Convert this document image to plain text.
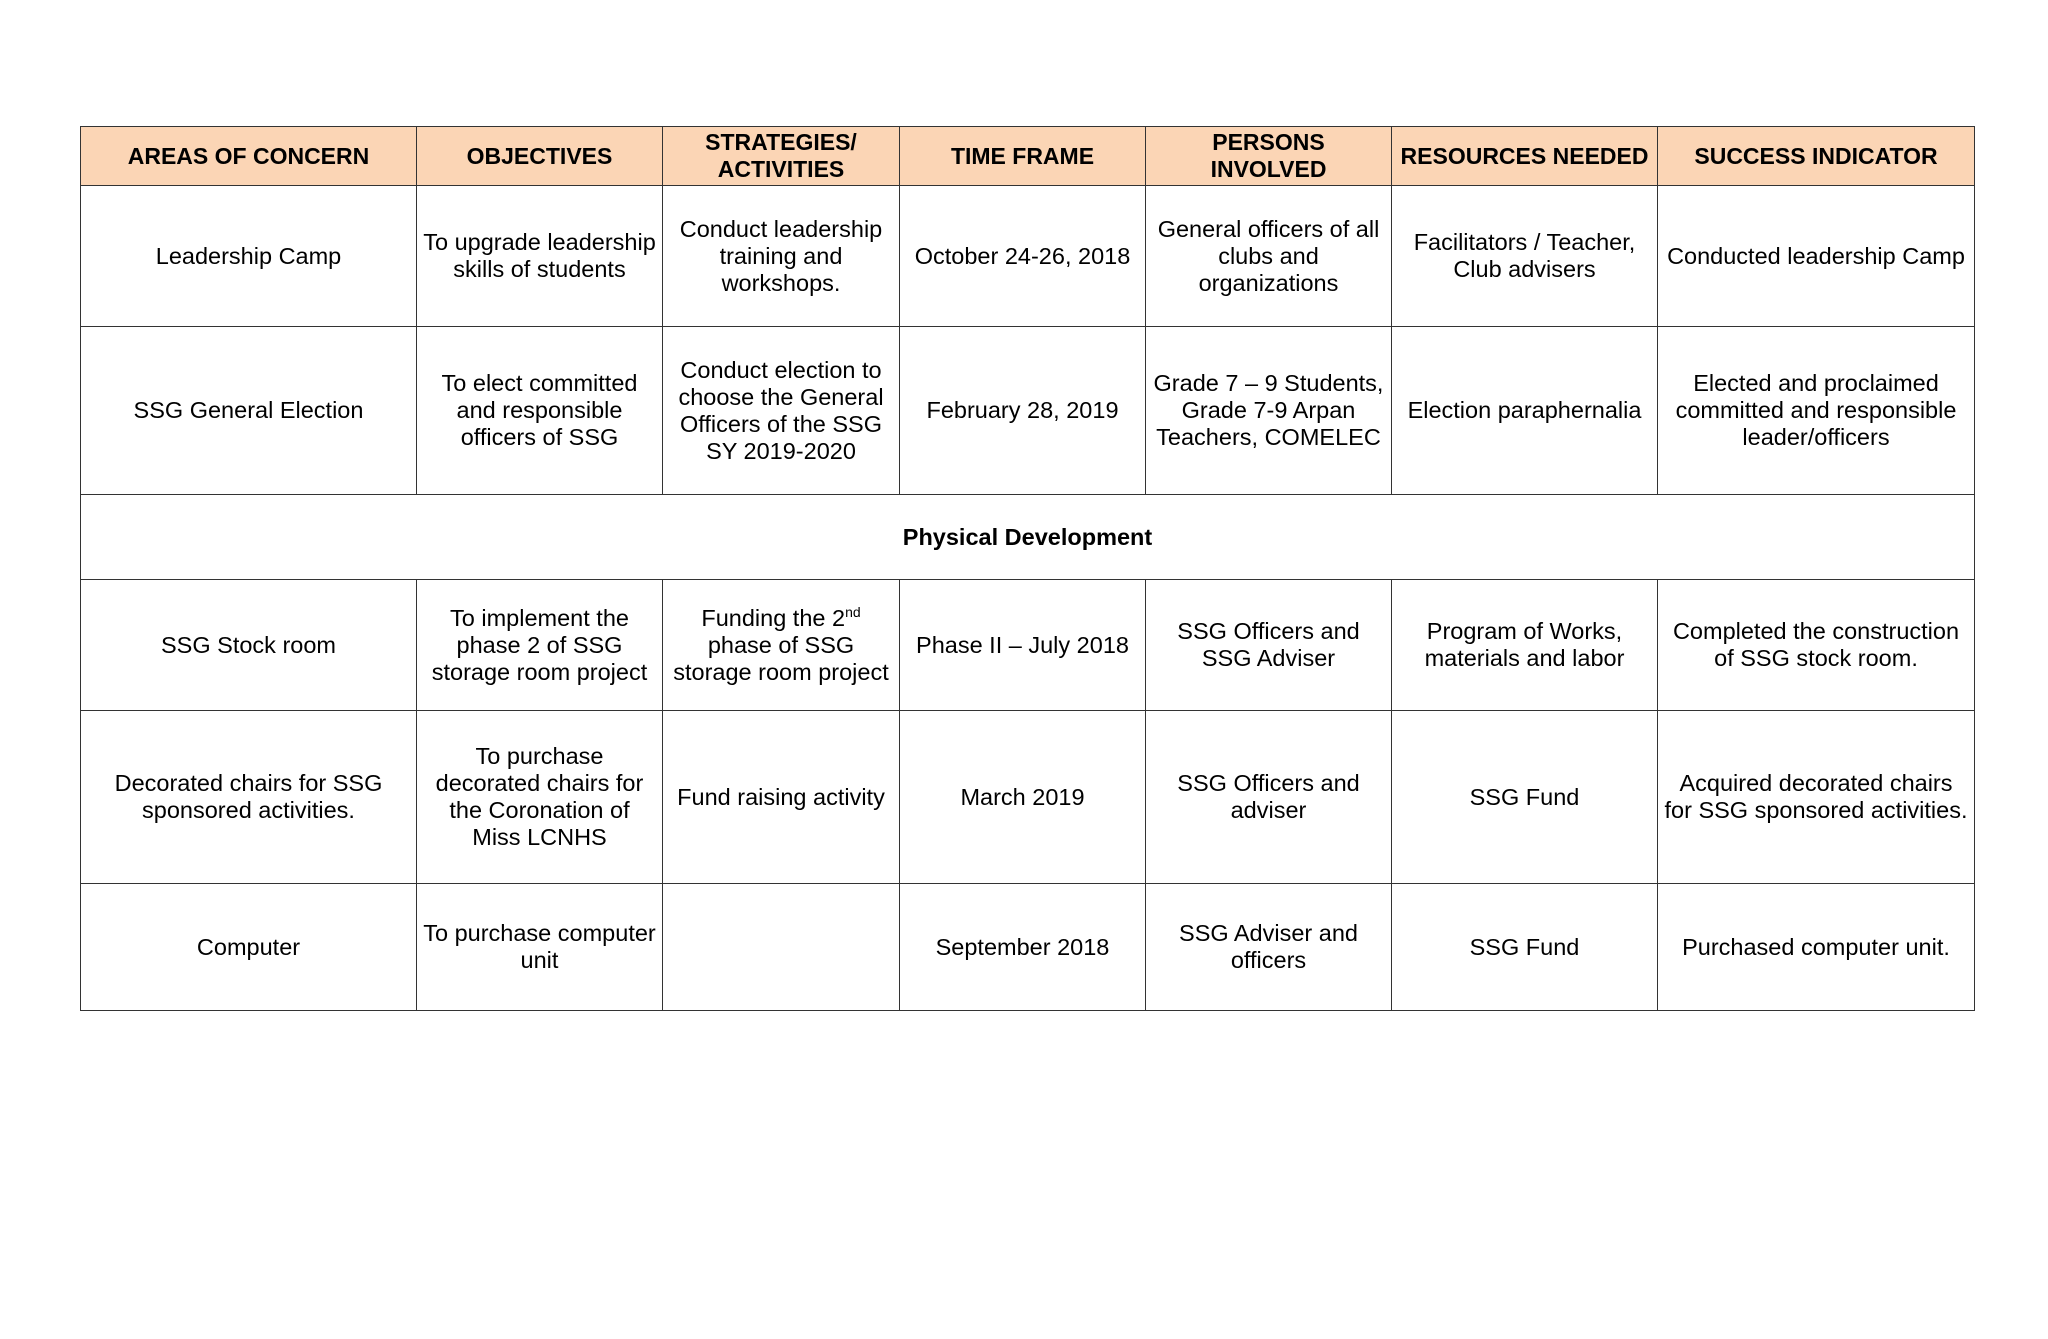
AREAS OF CONCERN	OBJECTIVES	STRATEGIES/ ACTIVITIES	TIME FRAME	PERSONS INVOLVED	RESOURCES NEEDED	SUCCESS INDICATOR
Leadership Camp	To upgrade leadership skills of students	Conduct leadership training and workshops.	October 24-26, 2018	General officers of all clubs and organizations	Facilitators / Teacher, Club advisers	Conducted leadership Camp
SSG General Election	To elect committed and responsible officers of SSG	Conduct election to choose the General Officers of the SSG SY 2019-2020	February 28, 2019	Grade 7 – 9 Students, Grade 7-9 Arpan Teachers, COMELEC	Election paraphernalia	Elected and proclaimed committed and responsible leader/officers
Physical Development						
SSG Stock room	To implement the phase 2 of SSG storage room project	Funding the 2nd phase of SSG storage room project	Phase II – July 2018	SSG Officers and SSG Adviser	Program of Works, materials and labor	Completed the construction of SSG stock room.
Decorated chairs for SSG sponsored activities.	To purchase decorated chairs for the Coronation of Miss LCNHS	Fund raising activity	March 2019	SSG Officers and adviser	SSG Fund	Acquired decorated chairs for SSG sponsored activities.
Computer	To purchase computer unit		September 2018	SSG Adviser and officers	SSG Fund	Purchased computer unit.
